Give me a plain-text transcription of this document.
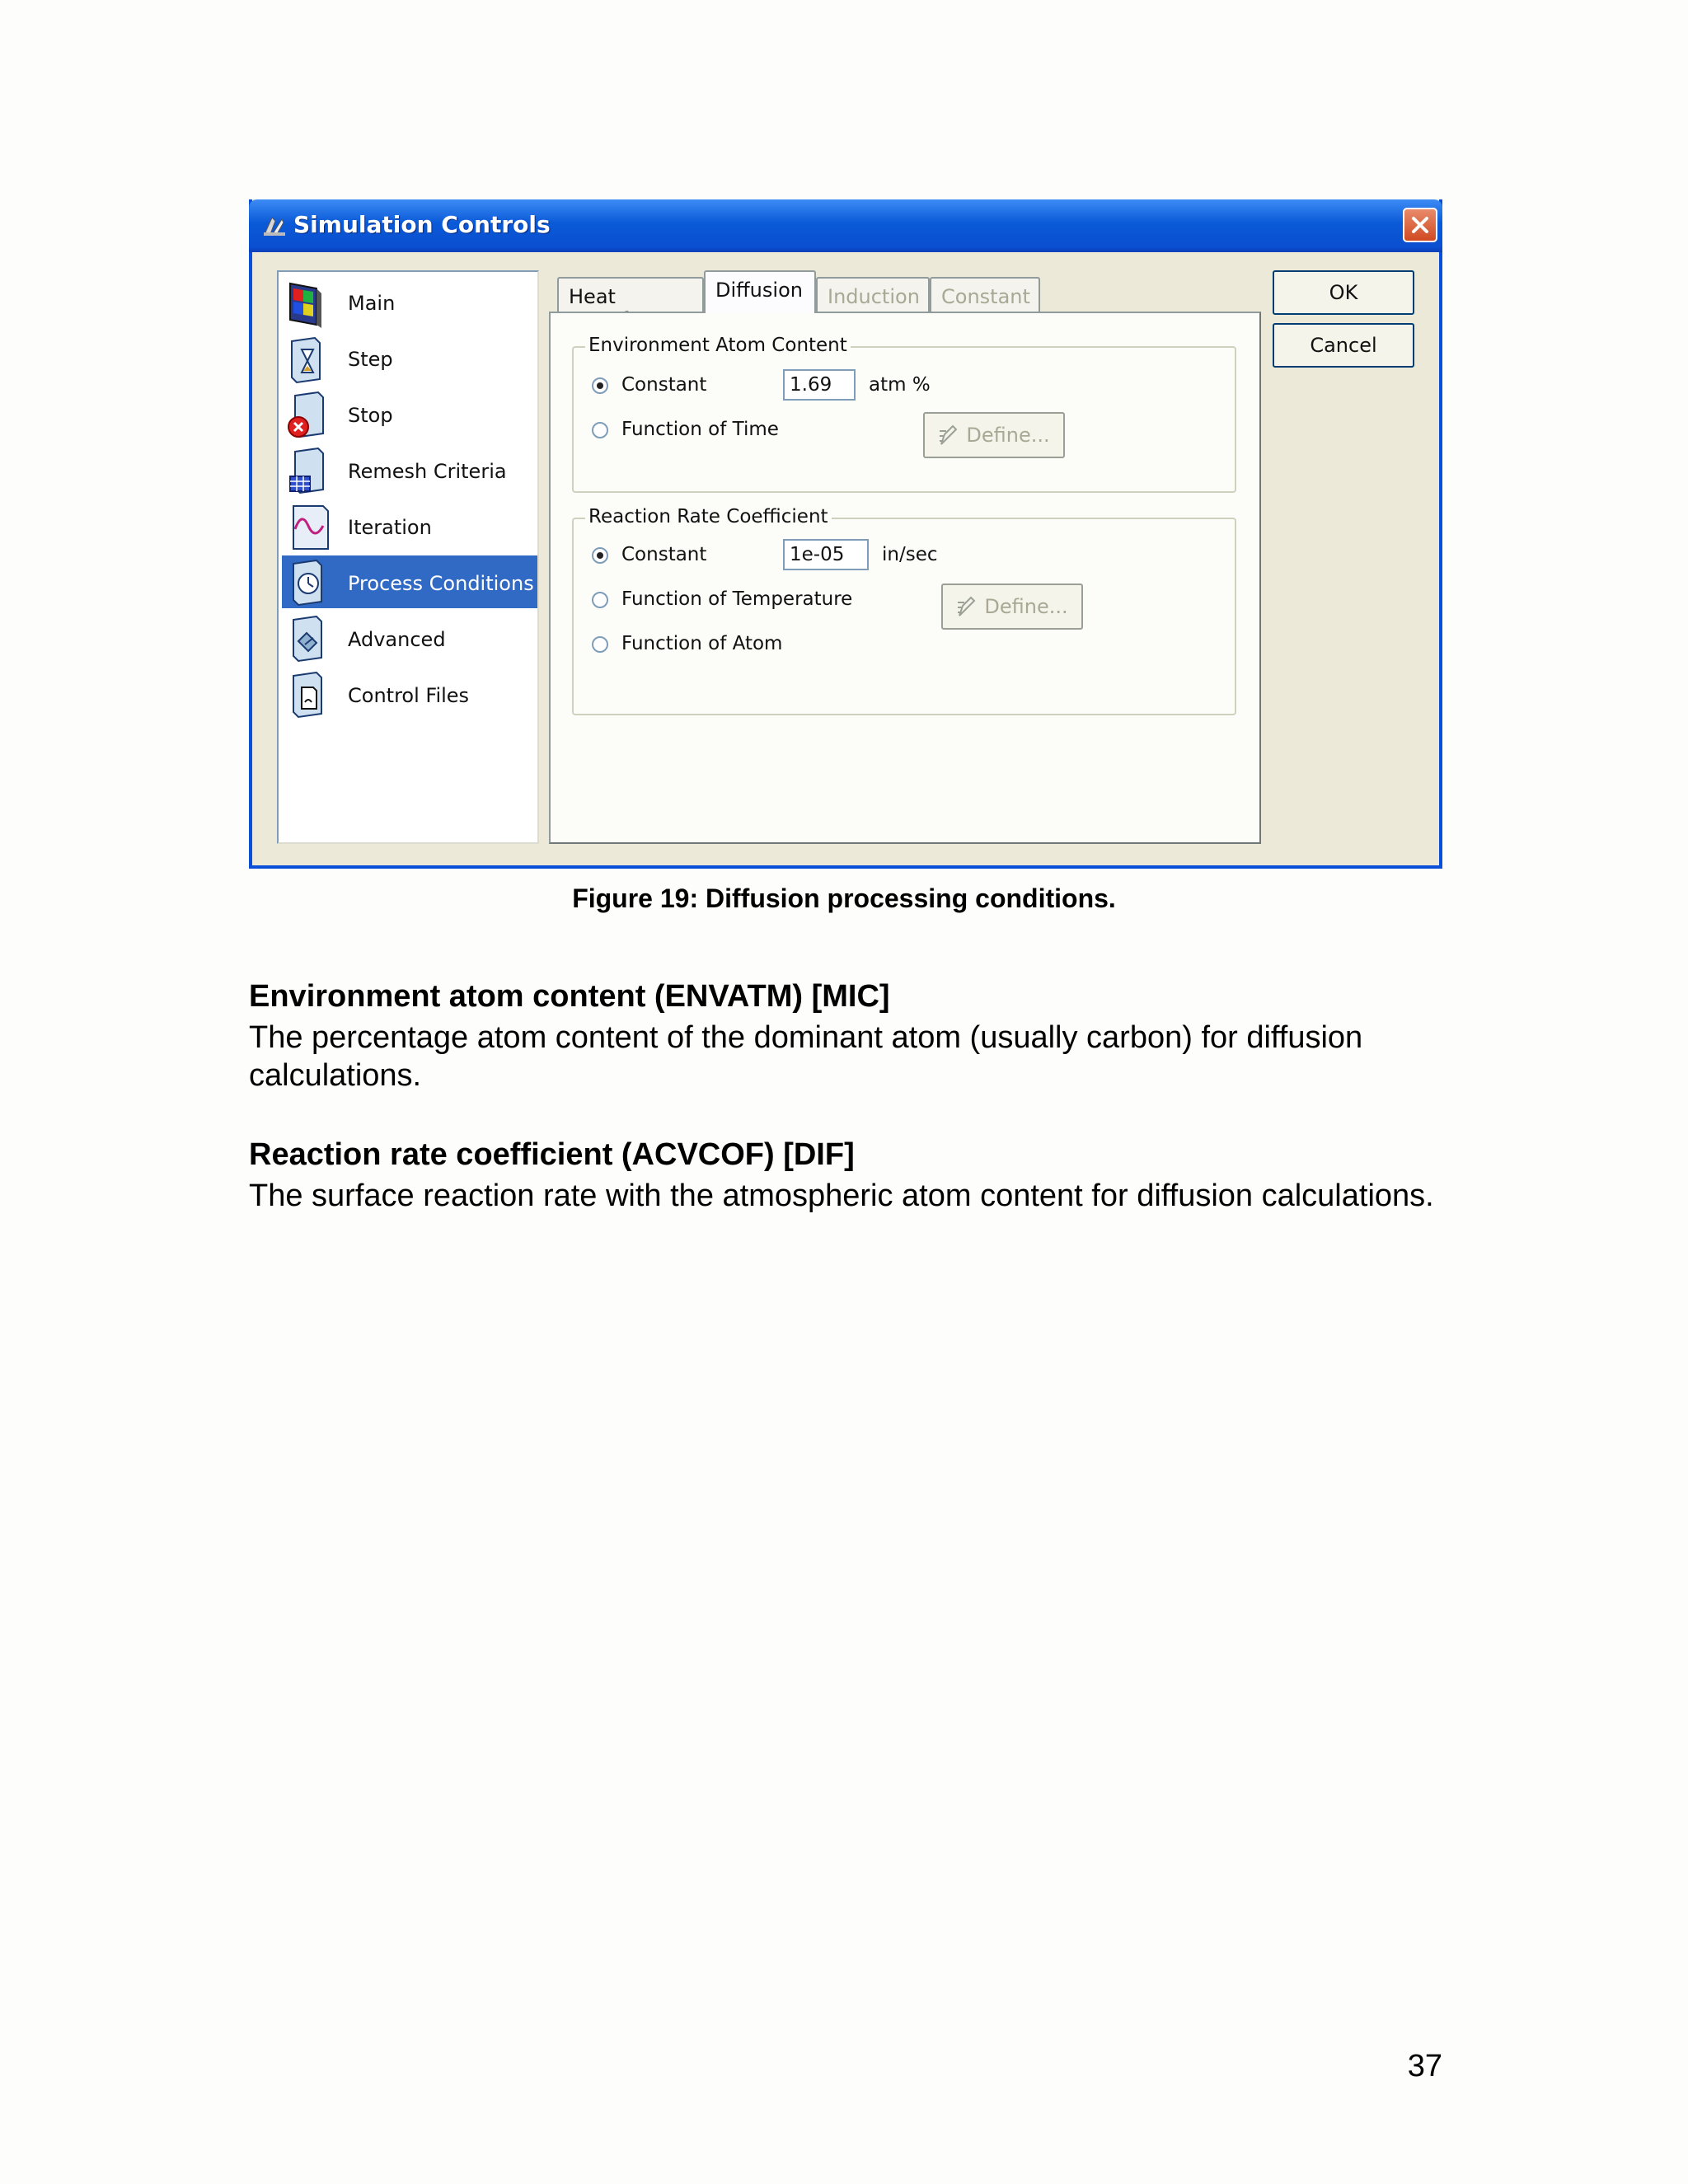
Simulation Controls
Main
Step
Stop
Remesh Criteria
Iteration
Process Conditions
Advanced
Control Files
Heat	Diffusion	Induction	Constant
Environment Atom Content
Constant
Function of Time
1.69	atm %
Define...
Reaction Rate Coefficient
Constant
Function of Temperature
Function of Atom
1e-05	in/sec
Define...
OK
Cancel
Figure 19: Diffusion processing conditions.
Environment atom content (ENVATM) [MIC]
The percentage atom content of the dominant atom (usually carbon) for diffusion calculations.
Reaction rate coefficient (ACVCOF) [DIF]
The surface reaction rate with the atmospheric atom content for diffusion calculations.
37
